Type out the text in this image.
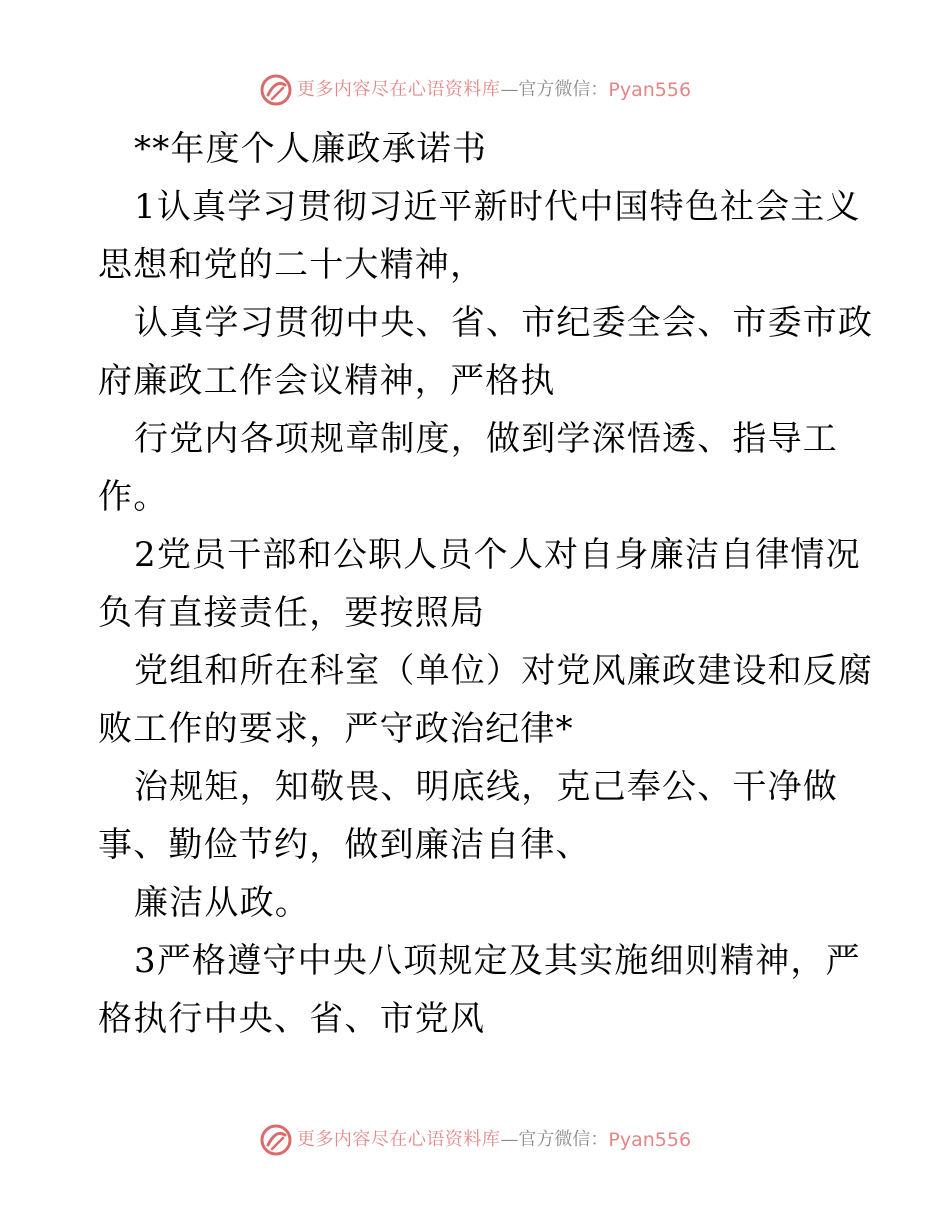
更多内容尽在心语资料库 — 官方微信： Pyan556
**年度个人廉政承诺书
1认真学习贯彻习近平新时代中国特色社会主义
思想和党的二十大精神，
认真学习贯彻中央、省、市纪委全会、市委市政
府廉政工作会议精神，严格执
行党内各项规章制度，做到学深悟透、指导工
作。
2党员干部和公职人员个人对自身廉洁自律情况
负有直接责任，要按照局
党组和所在科室（单位）对党风廉政建设和反腐
败工作的要求，严守政治纪律*
治规矩，知敬畏、明底线，克己奉公、干净做
事、勤俭节约，做到廉洁自律、
廉洁从政。
3严格遵守中央八项规定及其实施细则精神，严
格执行中央、省、市党风
更多内容尽在心语资料库 — 官方微信： Pyan556
